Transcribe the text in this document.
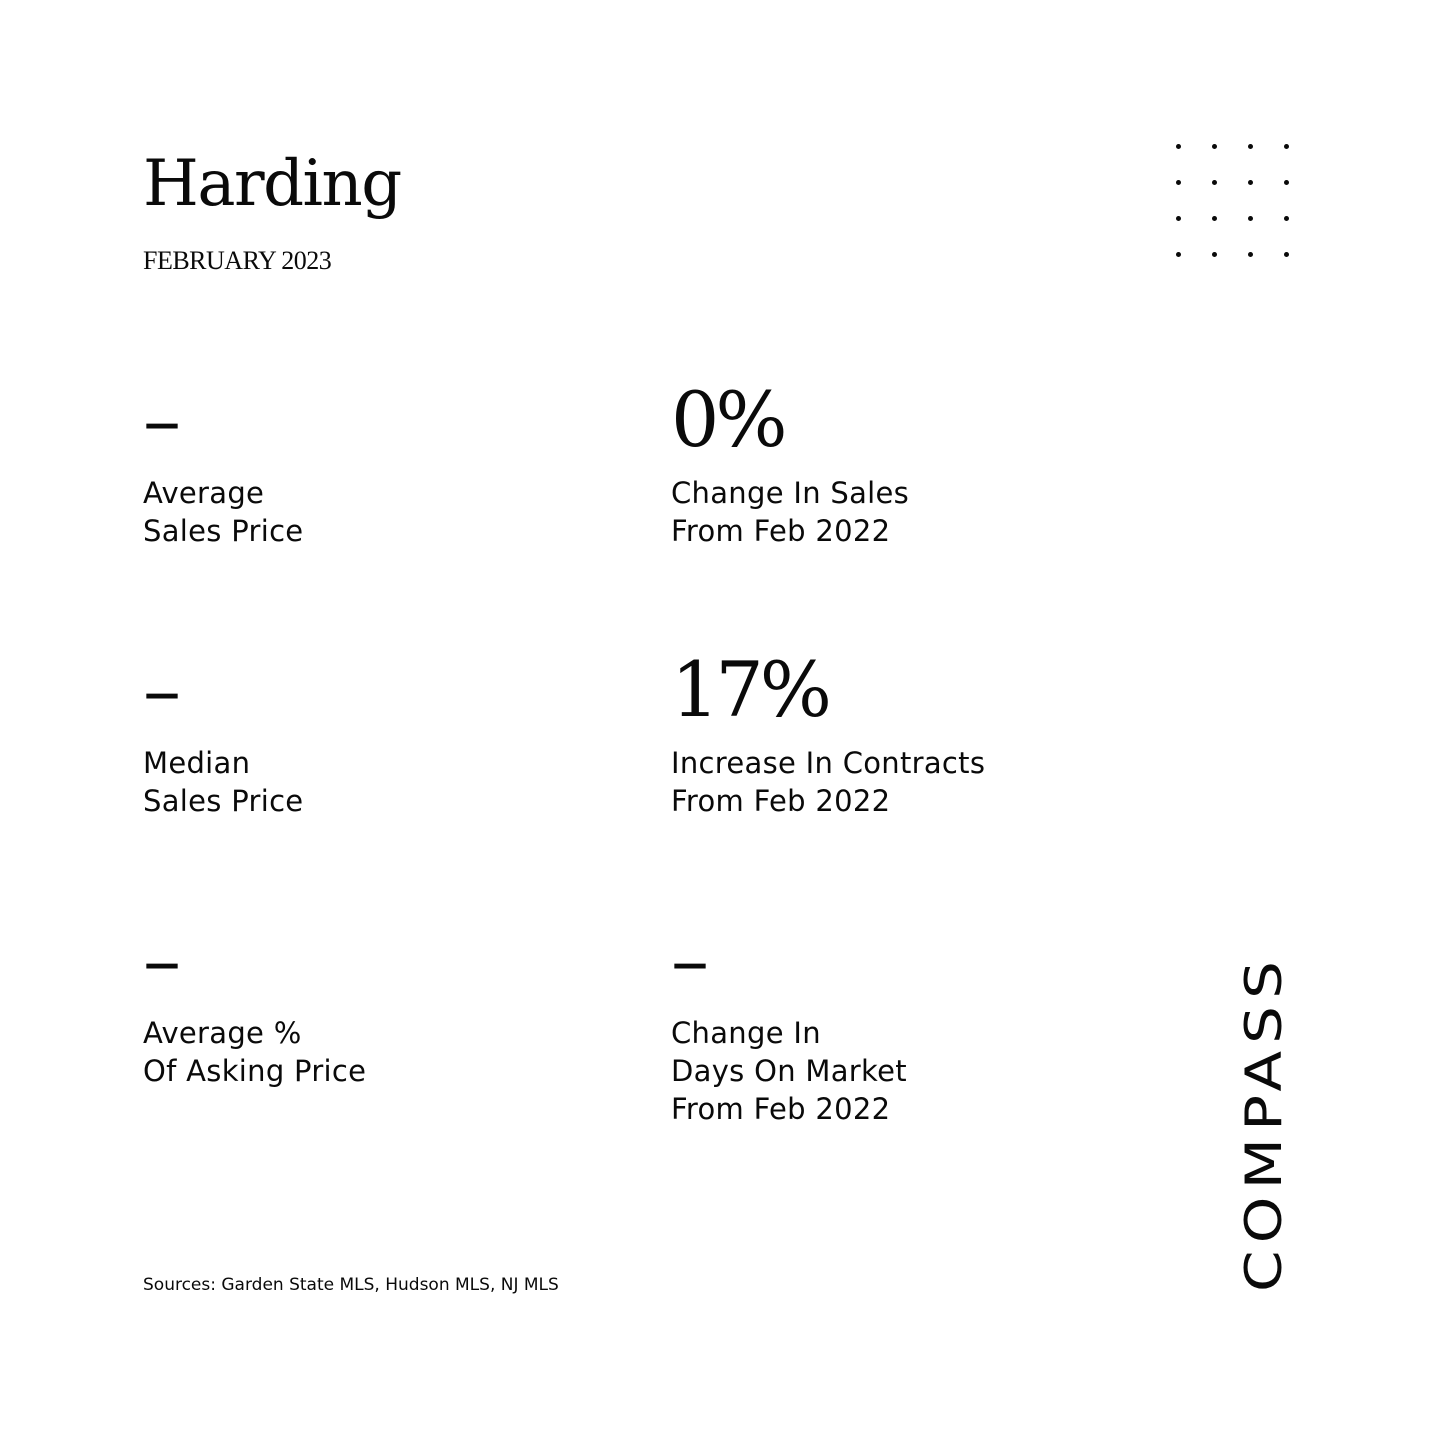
Harding
FEBRUARY 2023
–
Average
Sales Price
0%
Change In Sales
From Feb 2022
–
Median
Sales Price
17%
Increase In Contracts
From Feb 2022
–
Average %
Of Asking Price
–
Change In
Days On Market
From Feb 2022
Sources: Garden State MLS, Hudson MLS, NJ MLS	COMPASS
